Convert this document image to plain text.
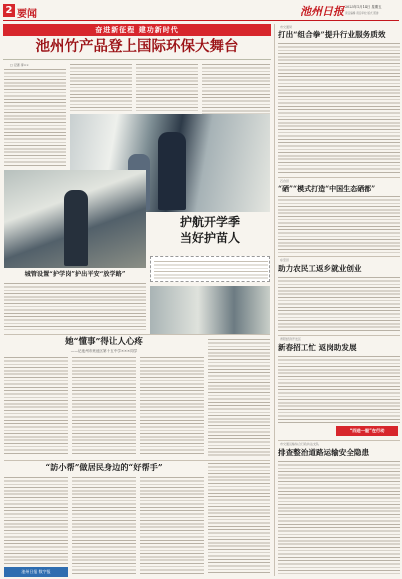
2 要闻	池州日报 2023年1月14日 星期五
责任编辑 责任审校 版式 照排
奋进新征程 建功新时代
池州竹产品登上国际环保大舞台
□ 记者 李××
护航开学季
当好护苗人
城管设置“护学岗”护出平安“放学路”
她“懂事”得让人心疼
——记池州市贵池区第十五中学×××同学
“訪小帮”做居民身边的“好帮手”
池州日报 数字报
市交通局
打出“组合拳”提升行业服务质效
石台县
“硒”“模式打造“中国生态硒都”
东至县
助力农民工返乡就业创业
青阳经济开发区
新春招工忙 返岗助发展
“四送一服”在行动
市交通运输综合行政执法支队
排查整治道路运输安全隐患
